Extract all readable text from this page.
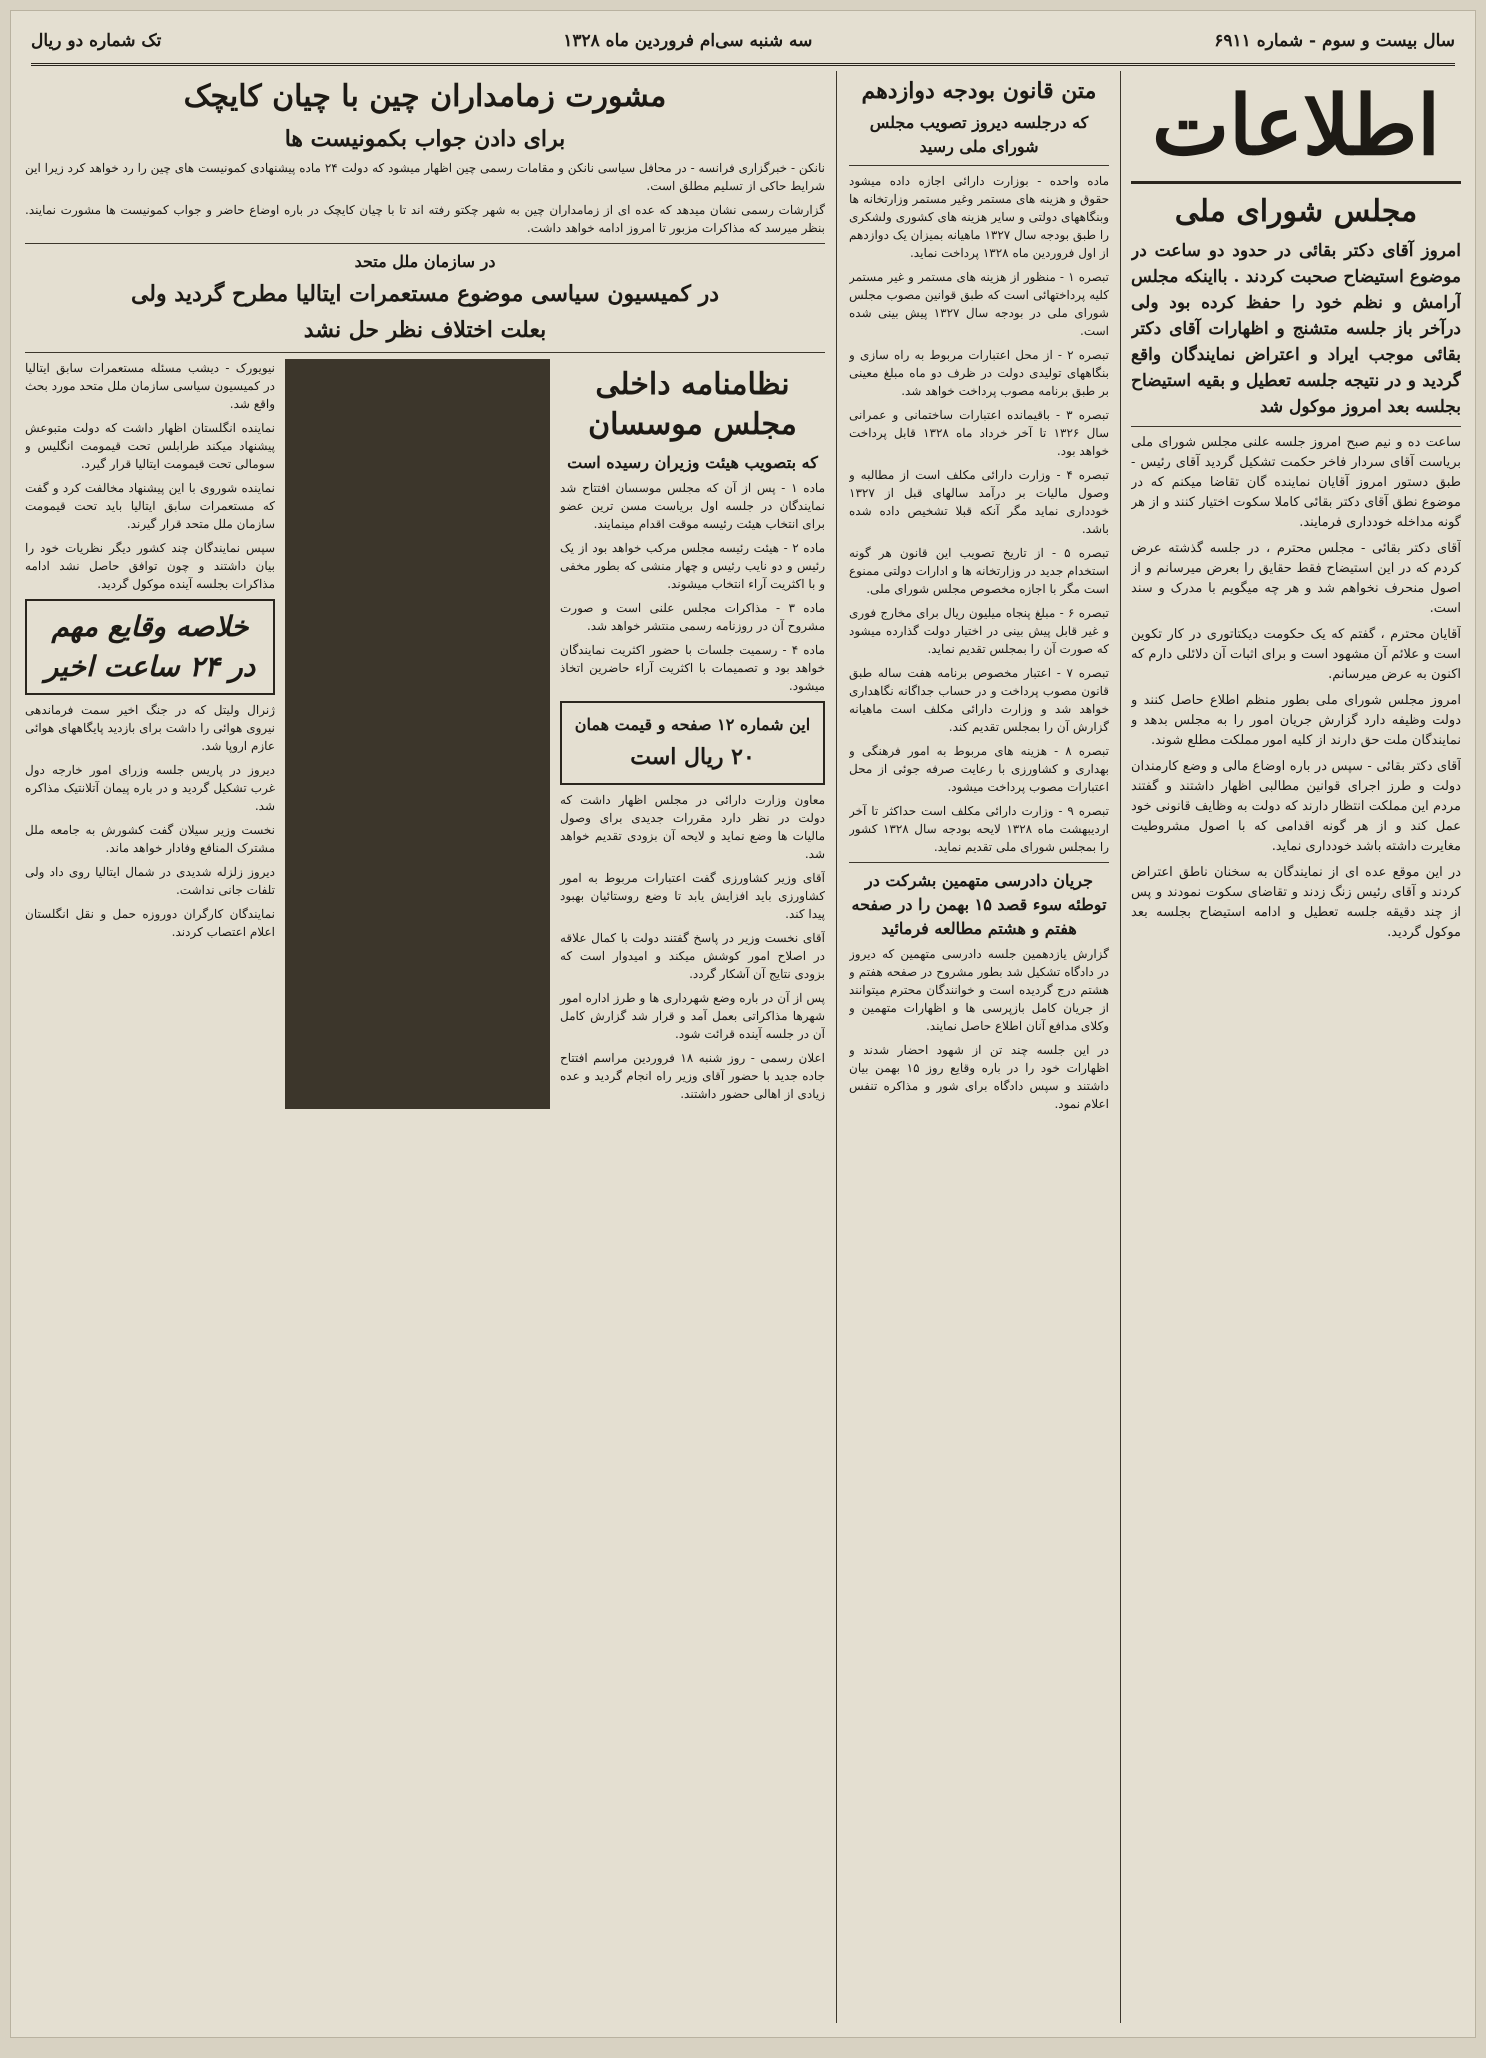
سال بیست و سوم - شماره ۶۹۱۱
سه شنبه سی‌ام فروردین ماه ۱۳۲۸
تک شماره دو ریال
اطلاعات
مجلس شورای ملی
امروز آقای دکتر بقائی در حدود دو ساعت در موضوع استیضاح صحبت کردند . بااینکه مجلس آرامش و نظم خود را حفظ کرده بود ولی درآخر باز جلسه متشنج و اظهارات آقای دکتر بقائی موجب ایراد و اعتراض نمایندگان واقع گردید و در نتیجه جلسه تعطیل و بقیه استیضاح بجلسه بعد امروز موکول شد

ساعت ده و نیم صبح امروز جلسه علنی مجلس شورای ملی بریاست آقای سردار فاخر حکمت تشکیل گردید آقای رئیس - طبق دستور امروز آقایان نماینده گان تقاضا میکنم که در موضوع نطق آقای دکتر بقائی کاملا سکوت اختیار کنند و از هر گونه مداخله خودداری فرمایند.

آقای دکتر بقائی - مجلس محترم ، در جلسه گذشته عرض کردم که در این استیضاح فقط حقایق را بعرض میرسانم و از اصول منحرف نخواهم شد و هر چه میگویم با مدرک و سند است.

آقایان محترم ، گفتم که یک حکومت دیکتاتوری در کار تکوین است و علائم آن مشهود است و برای اثبات آن دلائلی دارم که اکنون به عرض میرسانم.

امروز مجلس شورای ملی بطور منظم اطلاع حاصل کنند و دولت وظیفه دارد گزارش جریان امور را به مجلس بدهد و نمایندگان ملت حق دارند از کلیه امور مملکت مطلع شوند.

آقای دکتر بقائی - سپس در باره اوضاع مالی و وضع کارمندان دولت و طرز اجرای قوانین مطالبی اظهار داشتند و گفتند مردم این مملکت انتظار دارند که دولت به وظایف قانونی خود عمل کند و از هر گونه اقدامی که با اصول مشروطیت مغایرت داشته باشد خودداری نماید.

در این موقع عده ای از نمایندگان به سخنان ناطق اعتراض کردند و آقای رئیس زنگ زدند و تقاضای سکوت نمودند و پس از چند دقیقه جلسه تعطیل و ادامه استیضاح بجلسه بعد موکول گردید.

متن قانون بودجه دوازدهم
که درجلسه دیروز تصویب مجلس شورای ملی رسید

ماده واحده - بوزارت دارائی اجازه داده میشود حقوق و هزینه های مستمر وغیر مستمر وزارتخانه ها وبنگاههای دولتی و سایر هزینه های کشوری ولشکری را طبق بودجه سال ۱۳۲۷ ماهیانه بمیزان یک دوازدهم از اول فروردین ماه ۱۳۲۸ پرداخت نماید.

تبصره ۱ - منظور از هزینه های مستمر و غیر مستمر کلیه پرداختهائی است که طبق قوانین مصوب مجلس شورای ملی در بودجه سال ۱۳۲۷ پیش بینی شده است.

تبصره ۲ - از محل اعتبارات مربوط به راه سازی و بنگاههای تولیدی دولت در ظرف دو ماه مبلغ معینی بر طبق برنامه مصوب پرداخت خواهد شد.

تبصره ۳ - باقیمانده اعتبارات ساختمانی و عمرانی سال ۱۳۲۶ تا آخر خرداد ماه ۱۳۲۸ قابل پرداخت خواهد بود.

تبصره ۴ - وزارت دارائی مکلف است از مطالبه و وصول مالیات بر درآمد سالهای قبل از ۱۳۲۷ خودداری نماید مگر آنکه قبلا تشخیص داده شده باشد.

تبصره ۵ - از تاریخ تصویب این قانون هر گونه استخدام جدید در وزارتخانه ها و ادارات دولتی ممنوع است مگر با اجازه مخصوص مجلس شورای ملی.

تبصره ۶ - مبلغ پنجاه میلیون ریال برای مخارج فوری و غیر قابل پیش بینی در اختیار دولت گذارده میشود که صورت آن را بمجلس تقدیم نماید.

تبصره ۷ - اعتبار مخصوص برنامه هفت ساله طبق قانون مصوب پرداخت و در حساب جداگانه نگاهداری خواهد شد و وزارت دارائی مکلف است ماهیانه گزارش آن را بمجلس تقدیم کند.

تبصره ۸ - هزینه های مربوط به امور فرهنگی و بهداری و کشاورزی با رعایت صرفه جوئی از محل اعتبارات مصوب پرداخت میشود.

تبصره ۹ - وزارت دارائی مکلف است حداکثر تا آخر اردیبهشت ماه ۱۳۲۸ لایحه بودجه سال ۱۳۲۸ کشور را بمجلس شورای ملی تقدیم نماید.

جریان دادرسی متهمین بشرکت در توطئه سوء قصد ۱۵ بهمن را در صفحه هفتم و هشتم مطالعه فرمائید

گزارش یازدهمین جلسه دادرسی متهمین که دیروز در دادگاه تشکیل شد بطور مشروح در صفحه هفتم و هشتم درج گردیده است و خوانندگان محترم میتوانند از جریان کامل بازپرسی ها و اظهارات متهمین و وکلای مدافع آنان اطلاع حاصل نمایند.

در این جلسه چند تن از شهود احضار شدند و اظهارات خود را در باره وقایع روز ۱۵ بهمن بیان داشتند و سپس دادگاه برای شور و مذاکره تنفس اعلام نمود.

مشورت زمامداران چین با چیان کایچک
برای دادن جواب بکمونیست ها

نانکن - خبرگزاری فرانسه - در محافل سیاسی نانکن و مقامات رسمی چین اظهار میشود که دولت ۲۴ ماده پیشنهادی کمونیست های چین را رد خواهد کرد زیرا این شرایط حاکی از تسلیم مطلق است.

گزارشات رسمی نشان میدهد که عده ای از زمامداران چین به شهر چکتو رفته اند تا با چیان کایچک در باره اوضاع حاضر و جواب کمونیست ها مشورت نمایند. بنظر میرسد که مذاکرات مزبور تا امروز ادامه خواهد داشت.

در سازمان ملل متحد
در کمیسیون سیاسی موضوع مستعمرات ایتالیا مطرح گردید ولی
بعلت اختلاف نظر حل نشد
نظامنامه داخلی مجلس موسسان
که بتصویب هیئت وزیران رسیده است

ماده ۱ - پس از آن که مجلس موسسان افتتاح شد نمایندگان در جلسه اول بریاست مسن ترین عضو برای انتخاب هیئت رئیسه موقت اقدام مینمایند.

ماده ۲ - هیئت رئیسه مجلس مرکب خواهد بود از یک رئیس و دو نایب رئیس و چهار منشی که بطور مخفی و با اکثریت آراء انتخاب میشوند.

ماده ۳ - مذاکرات مجلس علنی است و صورت مشروح آن در روزنامه رسمی منتشر خواهد شد.

ماده ۴ - رسمیت جلسات با حضور اکثریت نمایندگان خواهد بود و تصمیمات با اکثریت آراء حاضرین اتخاذ میشود.

این شماره ۱۲ صفحه و قیمت همان
۲۰ ریال است

معاون وزارت دارائی در مجلس اظهار داشت که دولت در نظر دارد مقررات جدیدی برای وصول مالیات ها وضع نماید و لایحه آن بزودی تقدیم خواهد شد.

آقای وزیر کشاورزی گفت اعتبارات مربوط به امور کشاورزی باید افزایش یابد تا وضع روستائیان بهبود پیدا کند.

آقای نخست وزیر در پاسخ گفتند دولت با کمال علاقه در اصلاح امور کوشش میکند و امیدوار است که بزودی نتایج آن آشکار گردد.

پس از آن در باره وضع شهرداری ها و طرز اداره امور شهرها مذاکراتی بعمل آمد و قرار شد گزارش کامل آن در جلسه آینده قرائت شود.

اعلان رسمی - روز شنبه ۱۸ فروردین مراسم افتتاح جاده جدید با حضور آقای وزیر راه انجام گردید و عده زیادی از اهالی حضور داشتند.

نیویورک - دیشب مسئله مستعمرات سابق ایتالیا در کمیسیون سیاسی سازمان ملل متحد مورد بحث واقع شد.

نماینده انگلستان اظهار داشت که دولت متبوعش پیشنهاد میکند طرابلس تحت قیمومت انگلیس و سومالی تحت قیمومت ایتالیا قرار گیرد.

نماینده شوروی با این پیشنهاد مخالفت کرد و گفت که مستعمرات سابق ایتالیا باید تحت قیمومت سازمان ملل متحد قرار گیرند.

سپس نمایندگان چند کشور دیگر نظریات خود را بیان داشتند و چون توافق حاصل نشد ادامه مذاکرات بجلسه آینده موکول گردید.

خلاصه وقایع مهم
در ۲۴ ساعت اخیر

ژنرال ولیتل که در جنگ اخیر سمت فرماندهی نیروی هوائی را داشت برای بازدید پایگاههای هوائی عازم اروپا شد.

دیروز در پاریس جلسه وزرای امور خارجه دول غرب تشکیل گردید و در باره پیمان آتلانتیک مذاکره شد.

نخست وزیر سیلان گفت کشورش به جامعه ملل مشترک المنافع وفادار خواهد ماند.

دیروز زلزله شدیدی در شمال ایتالیا روی داد ولی تلفات جانی نداشت.

نمایندگان کارگران دوروزه حمل و نقل انگلستان اعلام اعتصاب کردند.
